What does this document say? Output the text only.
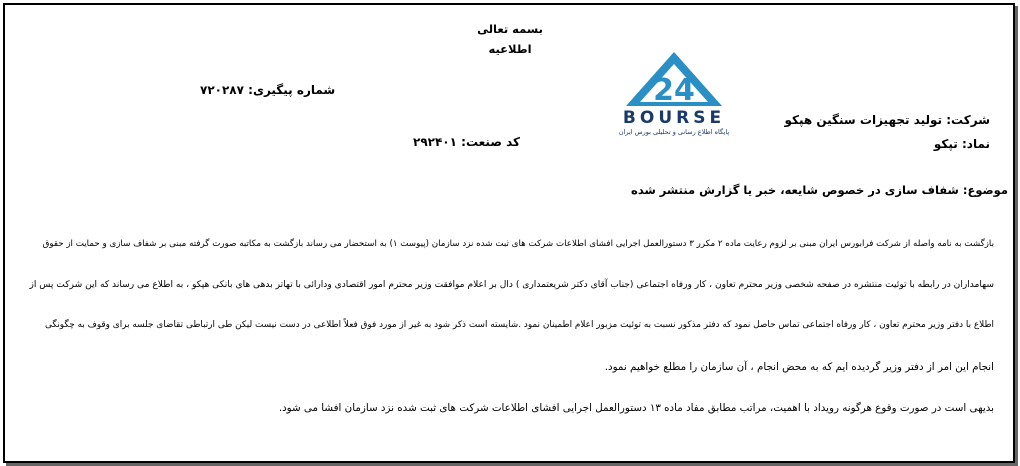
بسمه تعالی
اطلاعیه
شماره پیگیری: ۷۲۰۲۸۷
کد صنعت: ۲۹۲۴۰۱
شرکت: تولید تجهیزات سنگین هپکو
نماد: تپکو
24
BOURSE
پایگاه اطلاع رسانی و تحلیلی بورس ایران
موضوع: شفاف سازی در خصوص شایعه، خبر یا گزارش منتشر شده
بازگشت به نامه واصله از شرکت فرابورس ایران مبنی بر لزوم رعایت ماده ۲ مکرر ۳ دستورالعمل اجرایی افشای اطلاعات شرکت های ثبت شده نزد سازمان (پیوست ۱) به استحضار می رساند بازگشت به مکاتبه صورت گرفته مبنی بر شفاف سازی و حمایت از حقوق
سهامداران در رابطه با توئیت منتشره در صفحه شخصی وزیر محترم تعاون ، کار ورفاه اجتماعی (جناب آقای دکتر شریعتمداری ) دال بر اعلام موافقت وزیر محترم امور اقتصادی ودارائی با تهاتر بدهی های بانکی هپکو ، به اطلاع می رساند که این شرکت پس از
اطلاع با دفتر وزیر محترم تعاون ، کار ورفاه اجتماعی تماس حاصل نمود که دفتر مذکور نسبت به توئیت مزبور اعلام اطمینان نمود .شایسته است ذکر شود به غیر از مورد فوق فعلاً اطلاعی در دست نیست لیکن طی ارتباطی تقاضای جلسه برای وقوف به چگونگی
انجام این امر از دفتر وزیر گردیده ایم که به محض انجام ، آن سازمان را مطلع خواهیم نمود.
بدیهی است در صورت وقوع هرگونه رویداد با اهمیت، مراتب مطابق مفاد ماده ۱۳ دستورالعمل اجرایی افشای اطلاعات شرکت های ثبت شده نزد سازمان افشا می شود.
